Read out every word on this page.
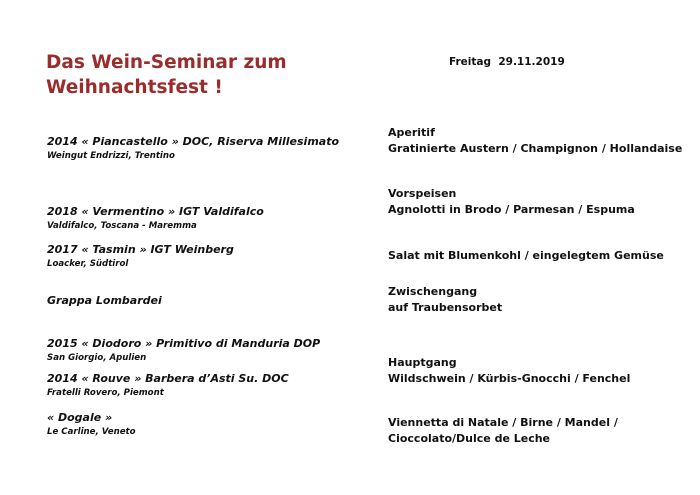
Das Wein-Seminar zum
Weihnachtsfest !
Freitag  29.11.2019
2014 « Piancastello » DOC, Riserva Millesimato
Weingut Endrizzi, Trentino
2018 « Vermentino » IGT Valdifalco
Valdifalco, Toscana - Maremma
2017 « Tasmin » IGT Weinberg
Loacker, Südtirol
Grappa Lombardei
2015 « Diodoro » Primitivo di Manduria DOP
San Giorgio, Apulien
2014 « Rouve » Barbera d’Asti Su. DOC
Fratelli Rovero, Piemont
« Dogale »
Le Carline, Veneto
Aperitif
Gratinierte Austern / Champignon / Hollandaise
Vorspeisen
Agnolotti in Brodo / Parmesan / Espuma
Salat mit Blumenkohl / eingelegtem Gemüse
Zwischengang
auf Traubensorbet
Hauptgang
Wildschwein / Kürbis-Gnocchi / Fenchel
Viennetta di Natale / Birne / Mandel /
Cioccolato/Dulce de Leche
